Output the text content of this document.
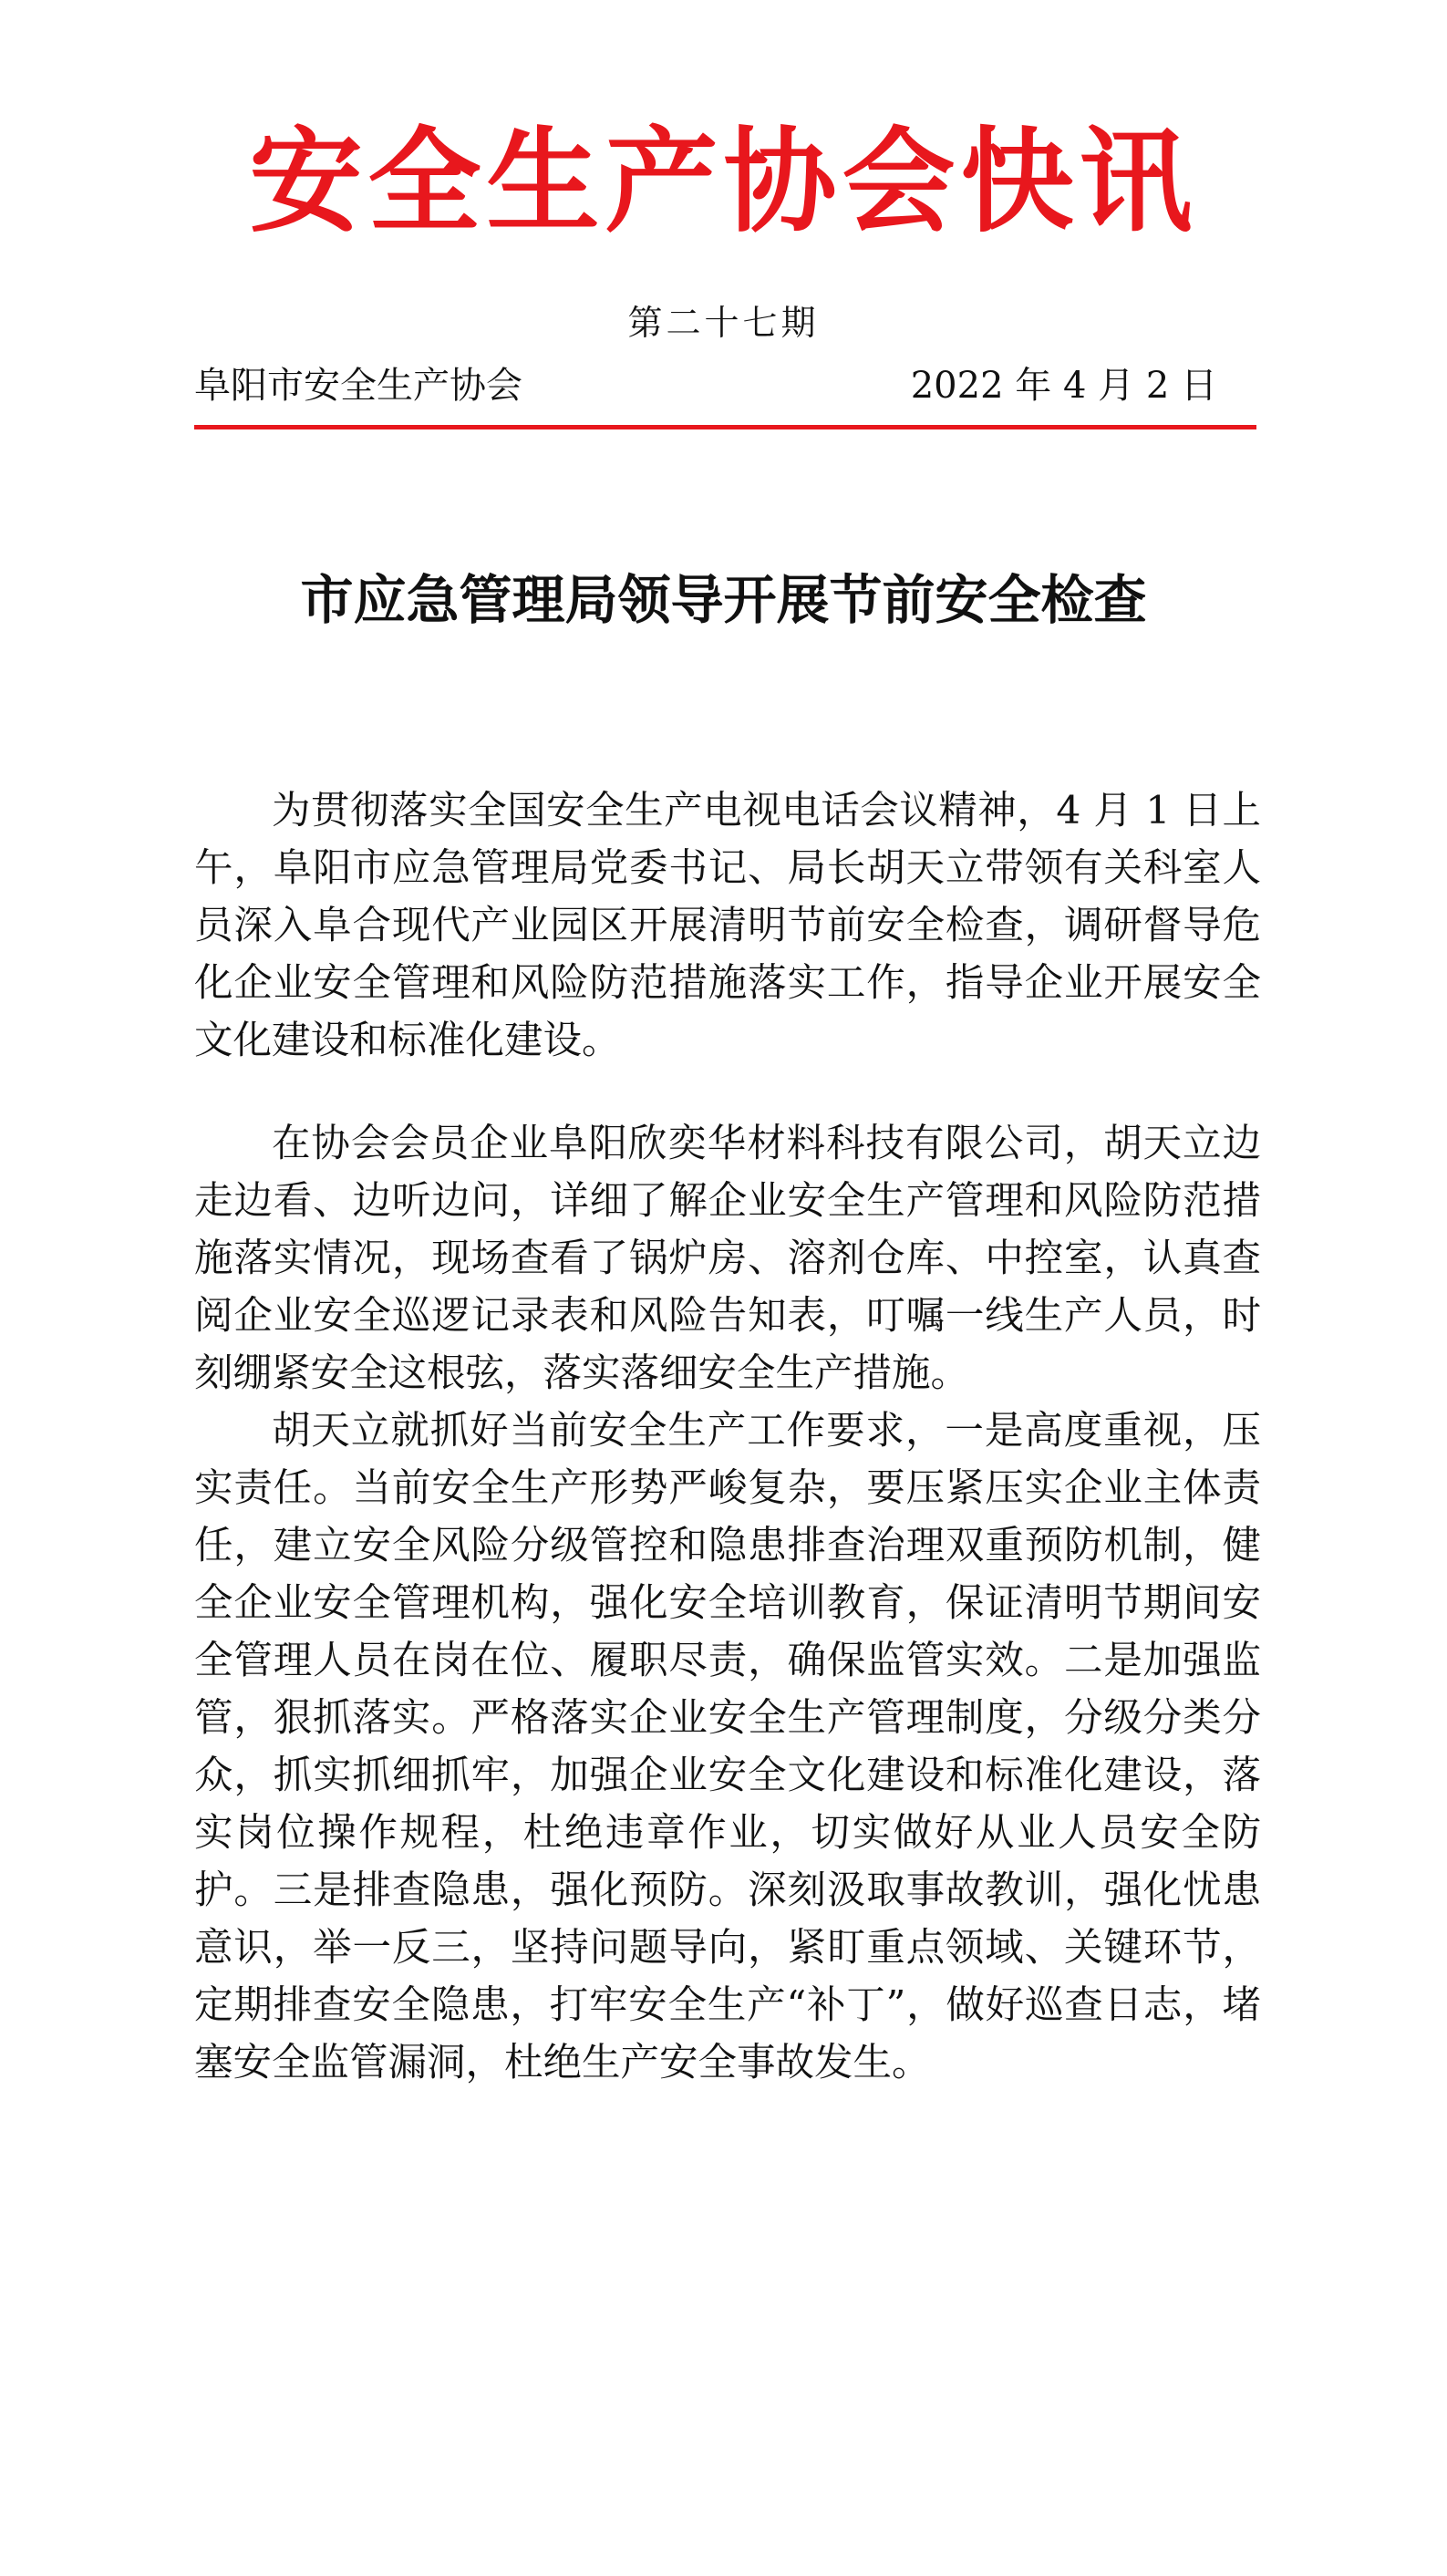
安全生产协会快讯
第二十七期
阜阳市安全生产协会	2022 年 4 月 2 日
市应急管理局领导开展节前安全检查

为贯彻落实全国安全生产电视电话会议精神，4 月 1 日上午，阜阳市应急管理局党委书记、局长胡天立带领有关科室人员深入阜合现代产业园区开展清明节前安全检查，调研督导危化企业安全管理和风险防范措施落实工作，指导企业开展安全文化建设和标准化建设。

在协会会员企业阜阳欣奕华材料科技有限公司，胡天立边走边看、边听边问，详细了解企业安全生产管理和风险防范措施落实情况，现场查看了锅炉房、溶剂仓库、中控室，认真查阅企业安全巡逻记录表和风险告知表，叮嘱一线生产人员，时刻绷紧安全这根弦，落实落细安全生产措施。

胡天立就抓好当前安全生产工作要求，一是高度重视，压实责任。当前安全生产形势严峻复杂，要压紧压实企业主体责任，建立安全风险分级管控和隐患排查治理双重预防机制，健全企业安全管理机构，强化安全培训教育，保证清明节期间安全管理人员在岗在位、履职尽责，确保监管实效。二是加强监管，狠抓落实。严格落实企业安全生产管理制度，分级分类分众，抓实抓细抓牢，加强企业安全文化建设和标准化建设，落实岗位操作规程，杜绝违章作业，切实做好从业人员安全防护。三是排查隐患，强化预防。深刻汲取事故教训，强化忧患意识，举一反三，坚持问题导向，紧盯重点领域、关键环节，定期排查安全隐患，打牢安全生产“补丁”，做好巡查日志，堵塞安全监管漏洞，杜绝生产安全事故发生。
